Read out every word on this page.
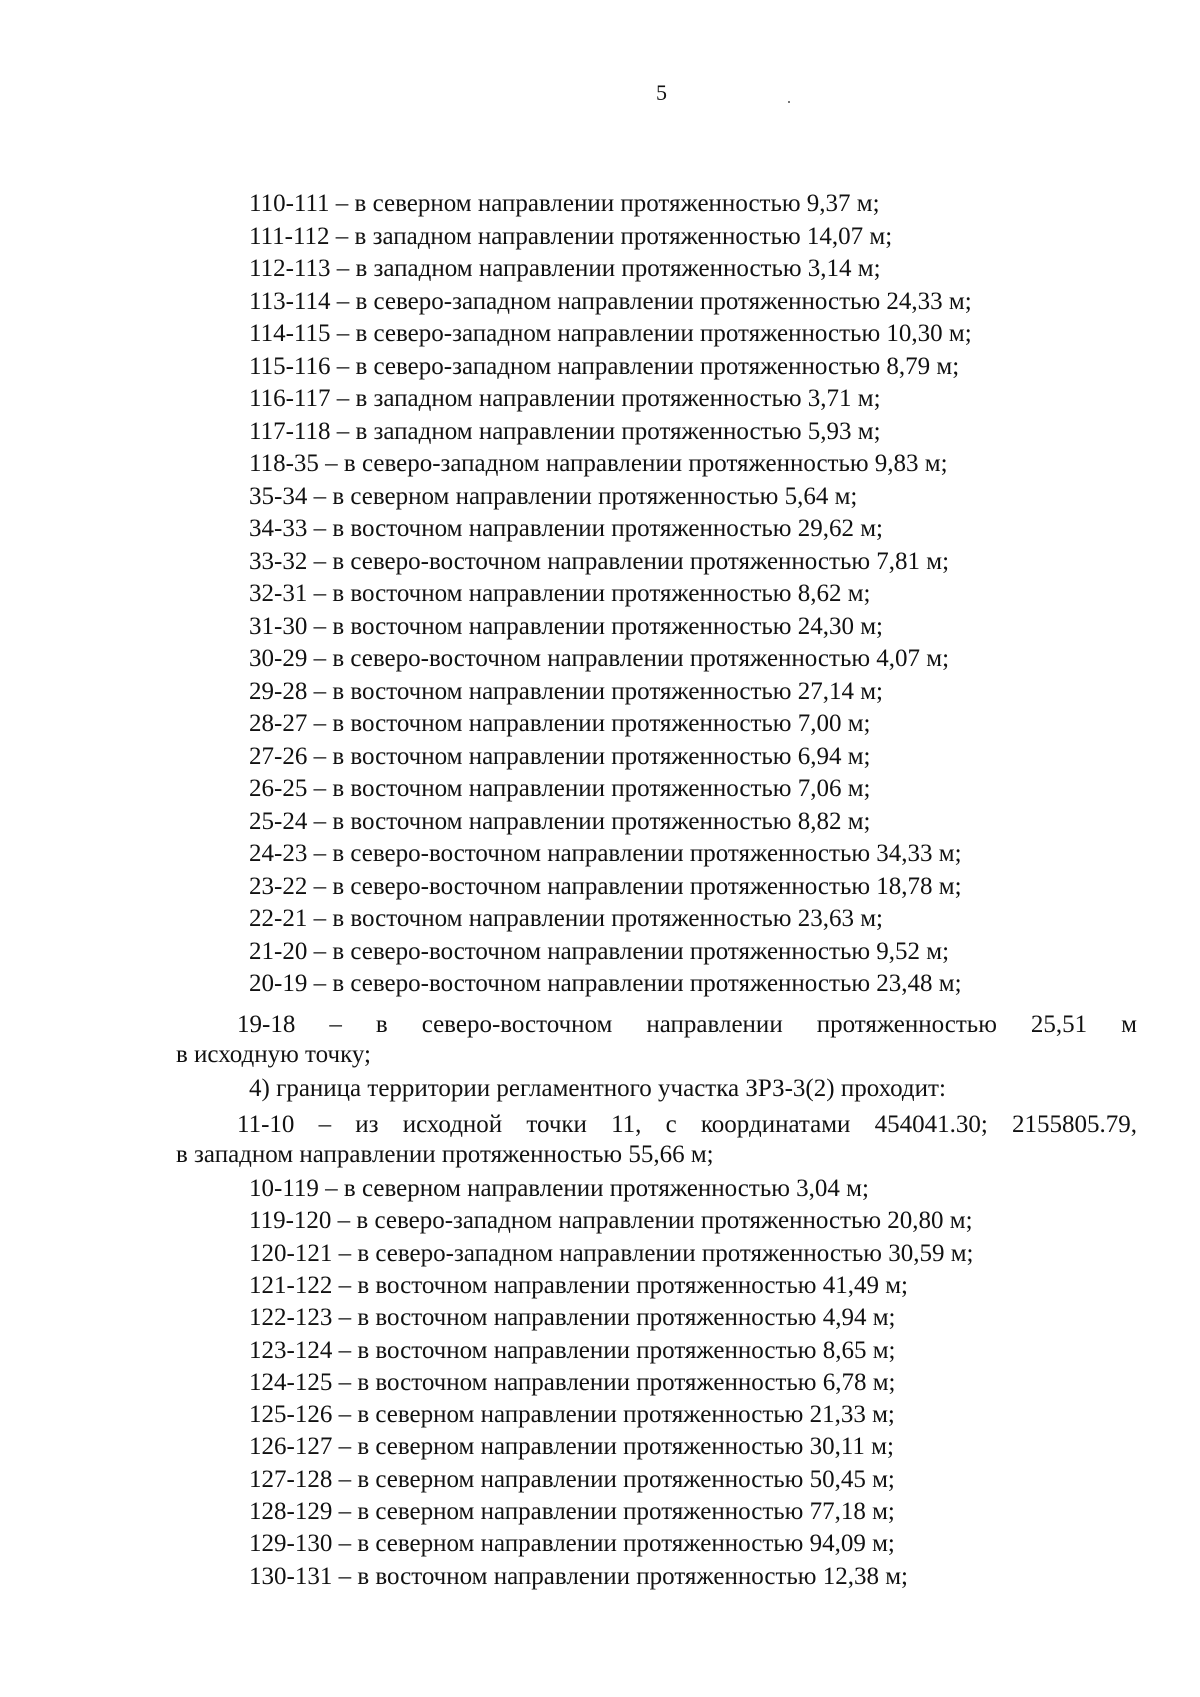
5
110-111 – в северном направлении протяженностью 9,37 м;
111-112 – в западном направлении протяженностью 14,07 м;
112-113 – в западном направлении протяженностью 3,14 м;
113-114 – в северо-западном направлении протяженностью 24,33 м;
114-115 – в северо-западном направлении протяженностью 10,30 м;
115-116 – в северо-западном направлении протяженностью 8,79 м;
116-117 – в западном направлении протяженностью 3,71 м;
117-118 – в западном направлении протяженностью 5,93 м;
118-35 – в северо-западном направлении протяженностью 9,83 м;
35-34 – в северном направлении протяженностью 5,64 м;
34-33 – в восточном направлении протяженностью 29,62 м;
33-32 – в северо-восточном направлении протяженностью 7,81 м;
32-31 – в восточном направлении протяженностью 8,62 м;
31-30 – в восточном направлении протяженностью 24,30 м;
30-29 – в северо-восточном направлении протяженностью 4,07 м;
29-28 – в восточном направлении протяженностью 27,14 м;
28-27 – в восточном направлении протяженностью 7,00 м;
27-26 – в восточном направлении протяженностью 6,94 м;
26-25 – в восточном направлении протяженностью 7,06 м;
25-24 – в восточном направлении протяженностью 8,82 м;
24-23 – в северо-восточном направлении протяженностью 34,33 м;
23-22 – в северо-восточном направлении протяженностью 18,78 м;
22-21 – в восточном направлении протяженностью 23,63 м;
21-20 – в северо-восточном направлении протяженностью 9,52 м;
20-19 – в северо-восточном направлении протяженностью 23,48 м;
19-18 – в северо-восточном направлении протяженностью 25,51 м
в исходную точку;
4) граница территории регламентного участка ЗРЗ-3(2) проходит:
11-10 – из исходной точки 11, с координатами 454041.30; 2155805.79,
в западном направлении протяженностью 55,66 м;
10-119 – в северном направлении протяженностью 3,04 м;
119-120 – в северо-западном направлении протяженностью 20,80 м;
120-121 – в северо-западном направлении протяженностью 30,59 м;
121-122 – в восточном направлении протяженностью 41,49 м;
122-123 – в восточном направлении протяженностью 4,94 м;
123-124 – в восточном направлении протяженностью 8,65 м;
124-125 – в восточном направлении протяженностью 6,78 м;
125-126 – в северном направлении протяженностью 21,33 м;
126-127 – в северном направлении протяженностью 30,11 м;
127-128 – в северном направлении протяженностью 50,45 м;
128-129 – в северном направлении протяженностью 77,18 м;
129-130 – в северном направлении протяженностью 94,09 м;
130-131 – в восточном направлении протяженностью 12,38 м;
